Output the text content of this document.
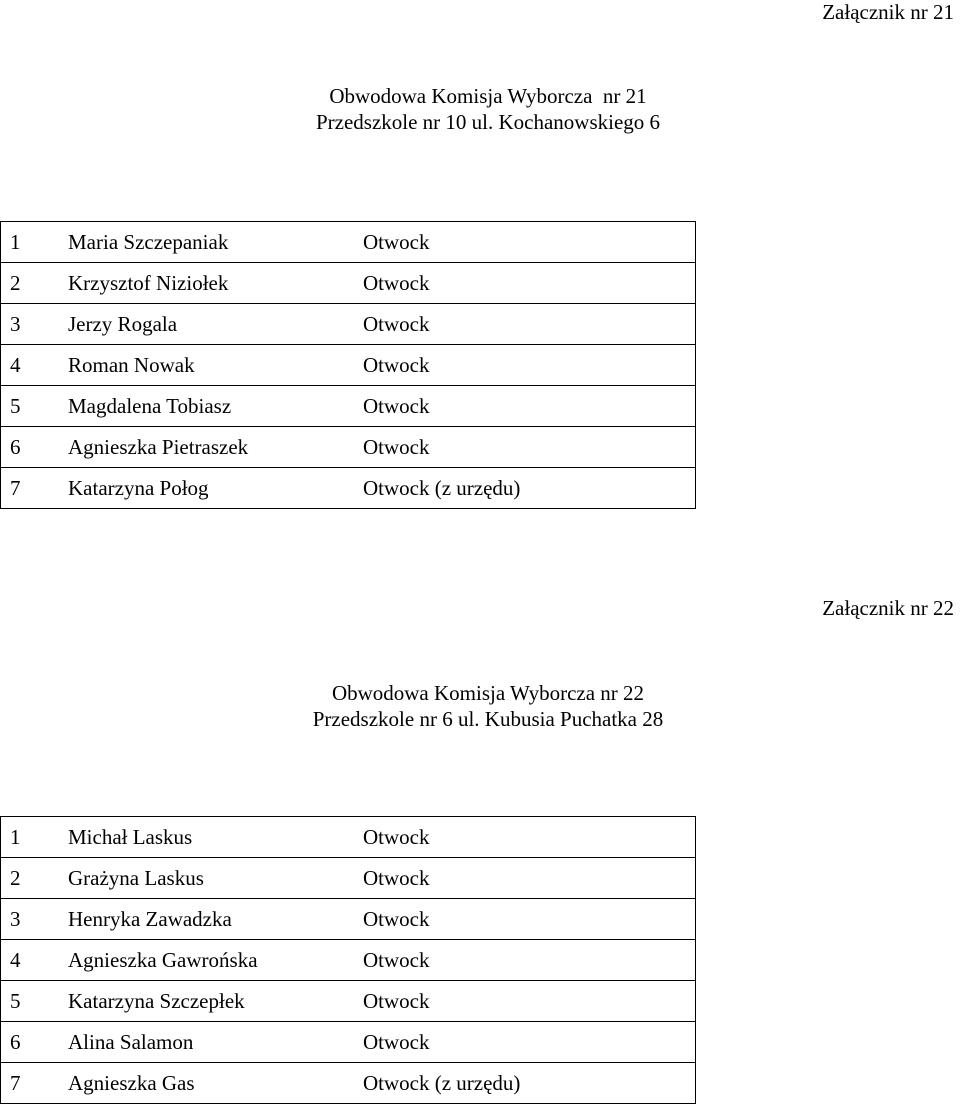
Załącznik nr 21
Obwodowa Komisja Wyborcza  nr 21
Przedszkole nr 10 ul. Kochanowskiego 6
1 Maria Szczepaniak Otwock	
2 Krzysztof Niziołek Otwock	
3 Jerzy Rogala Otwock	
4 Roman Nowak Otwock	
5 Magdalena Tobiasz Otwock	
6 Agnieszka Pietraszek Otwock	
7 Katarzyna Połog Otwock (z urzędu)	
Załącznik nr 22
Obwodowa Komisja Wyborcza nr 22
Przedszkole nr 6 ul. Kubusia Puchatka 28
1 Michał Laskus Otwock	
2 Grażyna Laskus Otwock	
3 Henryka Zawadzka Otwock	
4 Agnieszka Gawrońska Otwock	
5 Katarzyna Szczepłek Otwock	
6 Alina Salamon Otwock	
7 Agnieszka Gas Otwock (z urzędu)	
